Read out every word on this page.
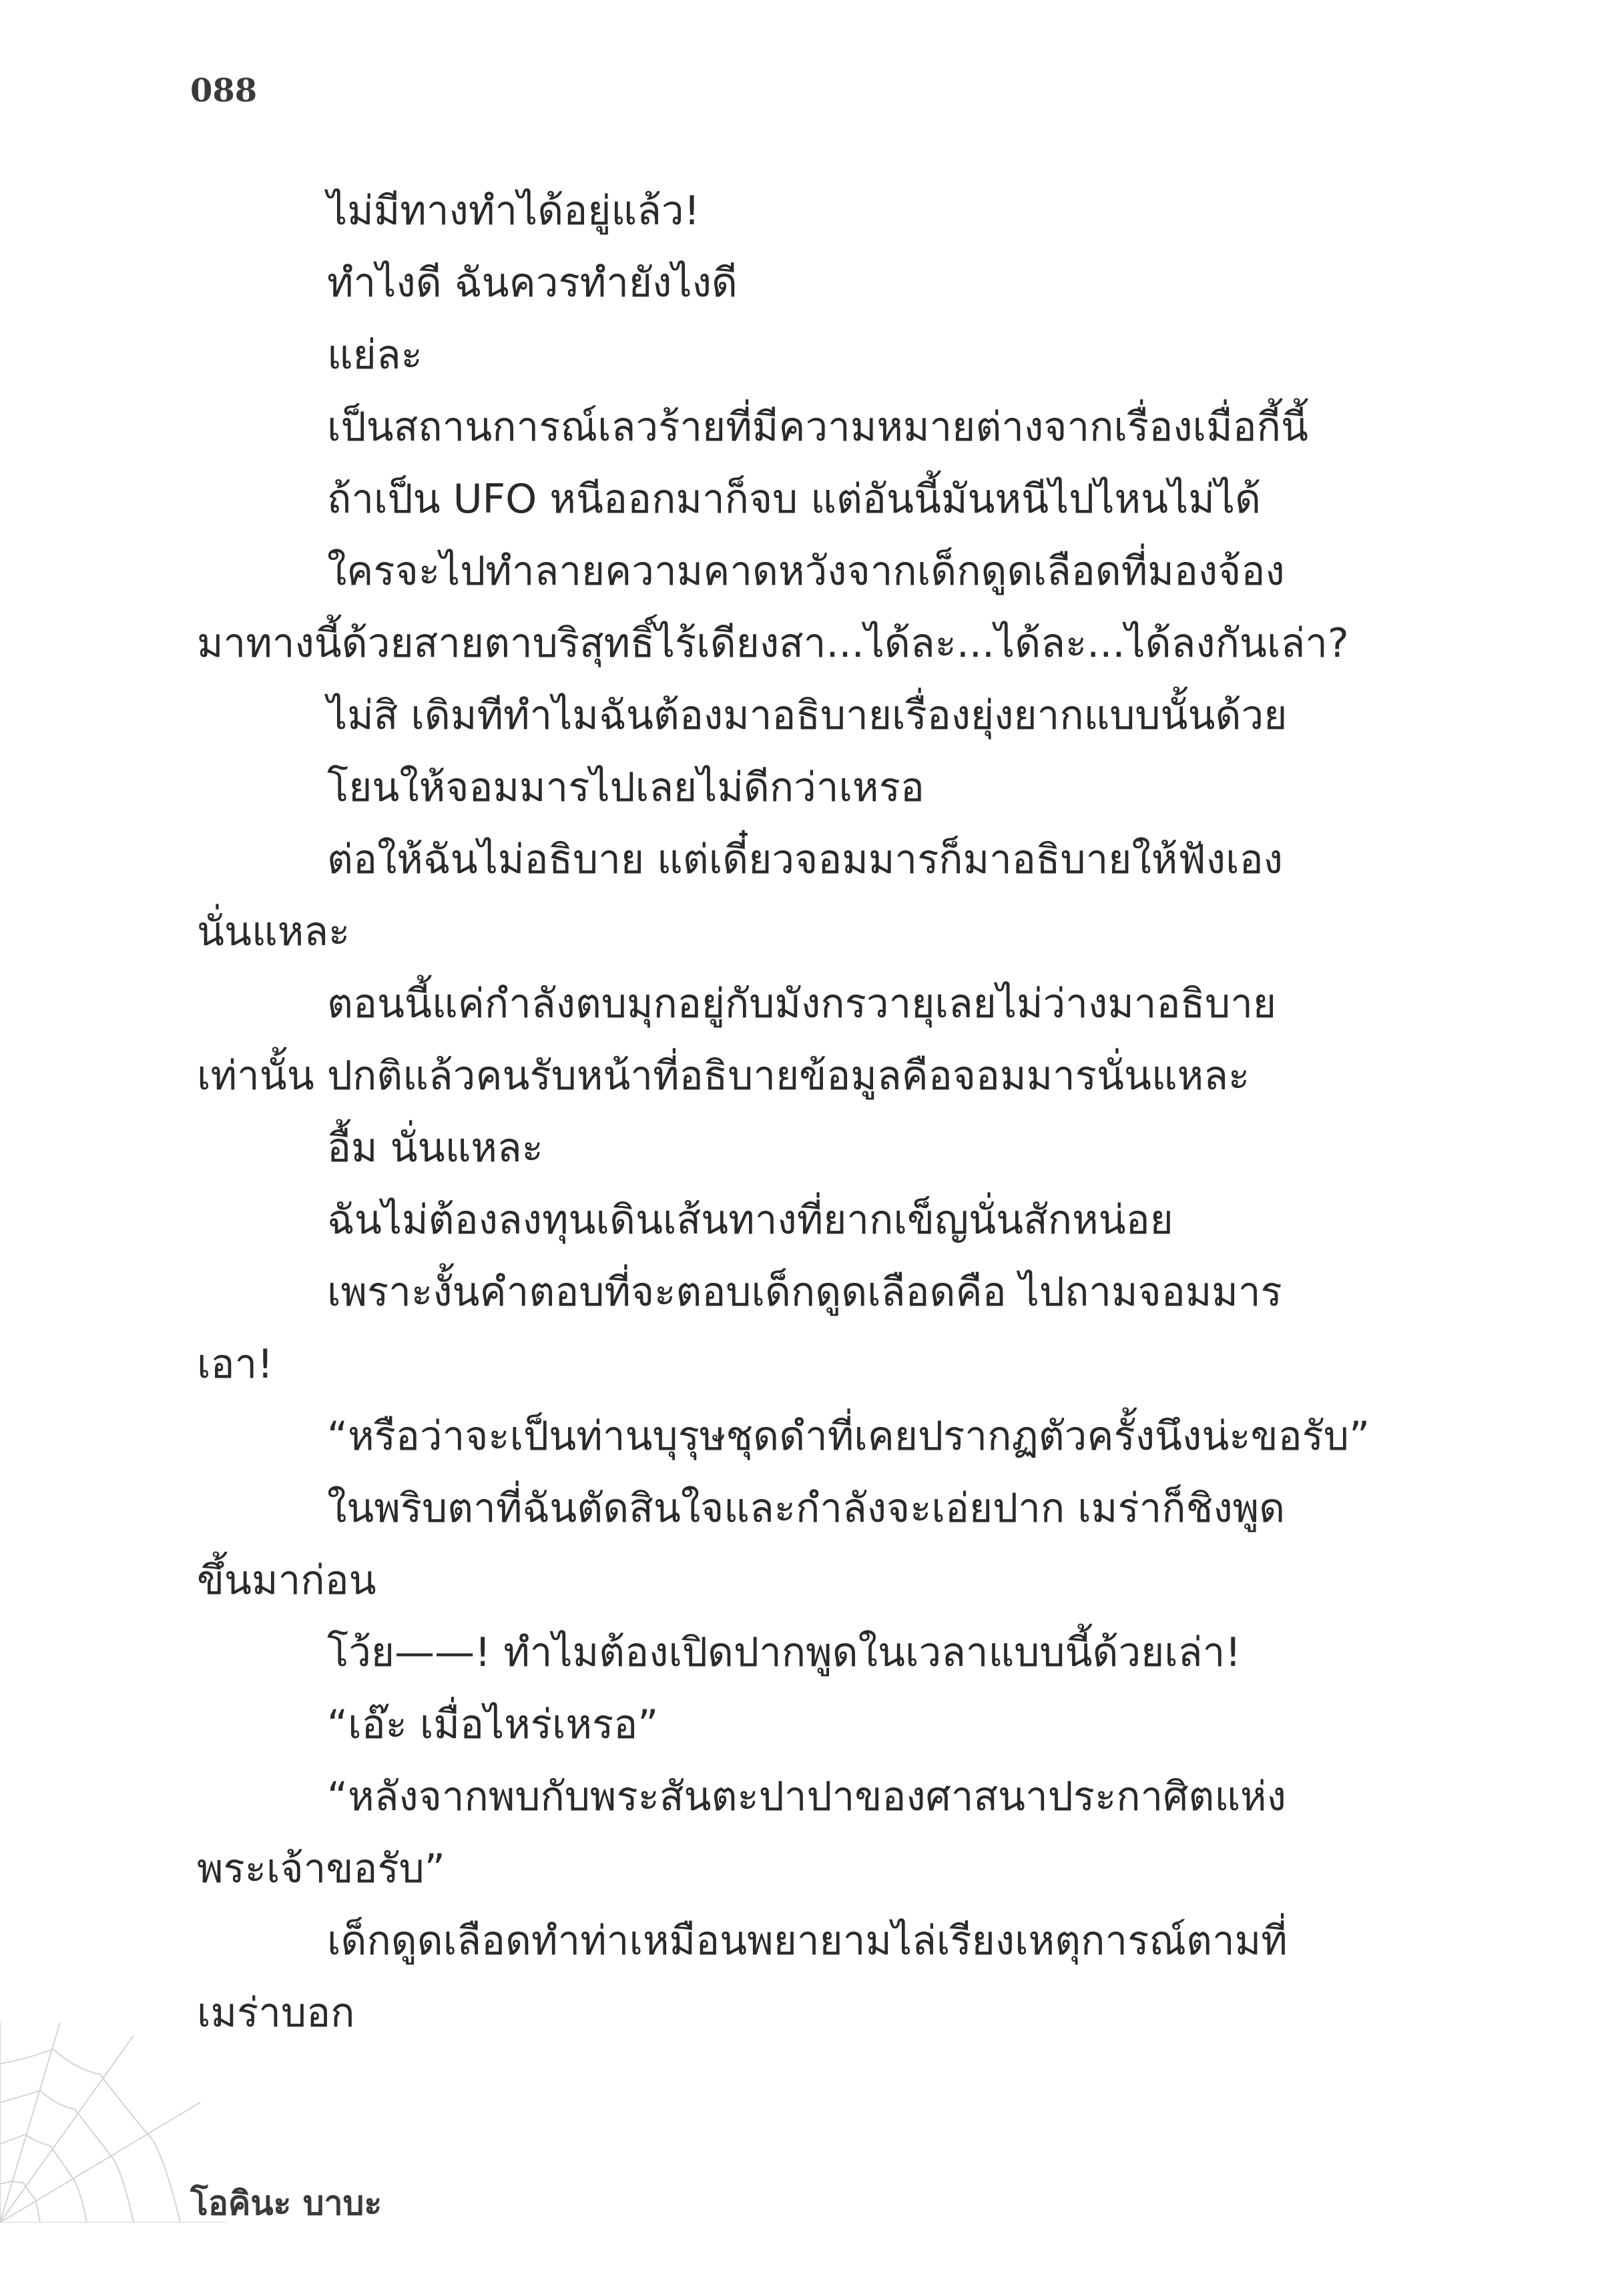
088
ไม่มีทางทำได้อยู่แล้ว!
ทำไงดี ฉันควรทำยังไงดี
แย่ละ
เป็นสถานการณ์เลวร้ายที่มีความหมายต่างจากเรื่องเมื่อกี้นี้
ถ้าเป็น UFO หนีออกมาก็จบ แต่อันนี้มันหนีไปไหนไม่ได้
ใครจะไปทำลายความคาดหวังจากเด็กดูดเลือดที่มองจ้อง
มาทางนี้ด้วยสายตาบริสุทธิ์ไร้เดียงสา...ได้ละ...ได้ละ...ได้ลงกันเล่า?
ไม่สิ เดิมทีทำไมฉันต้องมาอธิบายเรื่องยุ่งยากแบบนั้นด้วย
โยนให้จอมมารไปเลยไม่ดีกว่าเหรอ
ต่อให้ฉันไม่อธิบาย แต่เดี๋ยวจอมมารก็มาอธิบายให้ฟังเอง
นั่นแหละ
ตอนนี้แค่กำลังตบมุกอยู่กับมังกรวายุเลยไม่ว่างมาอธิบาย
เท่านั้น ปกติแล้วคนรับหน้าที่อธิบายข้อมูลคือจอมมารนั่นแหละ
อื้ม นั่นแหละ
ฉันไม่ต้องลงทุนเดินเส้นทางที่ยากเข็ญนั่นสักหน่อย
เพราะงั้นคำตอบที่จะตอบเด็กดูดเลือดคือ ไปถามจอมมาร
เอา!
“หรือว่าจะเป็นท่านบุรุษชุดดำที่เคยปรากฏตัวครั้งนึงน่ะขอรับ”
ในพริบตาที่ฉันตัดสินใจและกำลังจะเอ่ยปาก เมร่าก็ชิงพูด
ขึ้นมาก่อน
โว้ย——! ทำไมต้องเปิดปากพูดในเวลาแบบนี้ด้วยเล่า!
“เอ๊ะ เมื่อไหร่เหรอ”
“หลังจากพบกับพระสันตะปาปาของศาสนาประกาศิตแห่ง
พระเจ้าขอรับ”
เด็กดูดเลือดทำท่าเหมือนพยายามไล่เรียงเหตุการณ์ตามที่
เมร่าบอก
โอคินะ บาบะ
